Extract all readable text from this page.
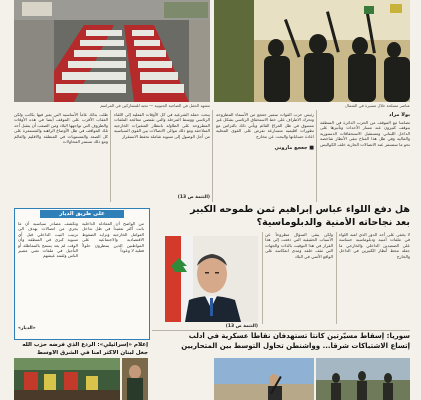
مشهد الحفل في الضاحية الجنوبية — تحية للمشاركين في المراسم	عناصر مسلحة خلال مسيرة في الشمال
ظلت بذلك عاماً الأساسية التي يعبر فيها بكاتب ولكن العقاب الأقرب على الموقف أيضا في هذه الأوقات والظروف التي تواجهها البلاد ومن الصعب أن يتقبل أحد تلك المواقف في ظل الأوضاع الراهنة والمستمرة على كل الصعد والمستويات في المنطقة والاقليم والعالم ومع ذلك تستمر المحاولات
يبحث حملة الشرعية في كل الأوقات الفعلية إلى اللقاء الرئاسي ووسط المرحلة والتي تقتضي معالجة الملفات المطروحة على الطاولة بانتظار المتغيرات الخارجية المتلاحقة ومع ذلك تتوالى الاتصالات بين القوى السياسية من أجل الوصول إلى تسوية شاملة تحفظ الاستقرار
(التتمة ص 13)
رئيس حزب القوات سمير جعجع من الأسماء المطروحة وتحرك الاطراف على خط الاستحقاق الرئاسي بشكل غير مسبوق في ظل الفراغ القائم ويأتي ذلك بالتزامن مع تطورات اقليمية متسارعة تفرض على القوى المحلية اعادة حساباتها والبحث عن مخارج
■ جعجع ماروني
بولا مراد
تضامنا مع الموقف من الحرب الدائرة في المنطقة يتوقف كثيرون عند مسار الأحداث وتأثيرها على الداخل اللبناني ومستقبل الاستحقاقات الدستورية والمالية وفي ظل هذا المناخ تبقى الأنظار شاخصة نحو ما ستسفر عنه الاتصالات الجارية خلف الكواليس
هل دفع اللواء عباس إبراهيم ثمن طموحه الكبير
بعد نجاحاته الأمنية والدبلوماسية؟
على طريق الديار
وتكشف مصادر سياسية أن ما يجري من اتصالات يهدف الى ترتيب البيت الداخلي قبل أي تسوية كبرى في المنطقة وأن الوقت لم يعد يسمح بالمماطلة أو التأجيل في ملفات تعني مصير الناس ولقمة عيشهم
من الواضح أن المعادلة الداخلية باتت أكثر تعقيداً في ظل تداخل العوامل الخارجية وتزايد الضغوط الاقتصادية والاجتماعية على المواطنين الذين ينتظرون حلولاً فعلية لا وعوداً
«الديار»
ولكن يبقى السؤال مطروحاً عن الأسباب الحقيقية التي دفعت إلى هذا القرار في هذا التوقيت بالذات والجهات التي تقف خلفه ومدى انعكاسه على الواقع الأمني في البلاد
لا يخفى على أحد الدور الذي لعبه اللواء في ملفات أمنية ودبلوماسية حساسة على الصعيدين الداخلي والخارجي ما جعله محط أنظار الكثيرين في الداخل والخارج
(التتمة ص 13)
سوريا: إسقاط مسيّرتين كانتا تستهدفان نقاطاً عسكرية في أدلب
إتساع الاشتباكات شرقاً... وواشنطن تحاول التوسط بين المتحاربين
إعلام «إسرائيلي»: الردع الذي فرضه حزب الله
جعل لبنان الأكثر أمناً في الشرق الأوسط
